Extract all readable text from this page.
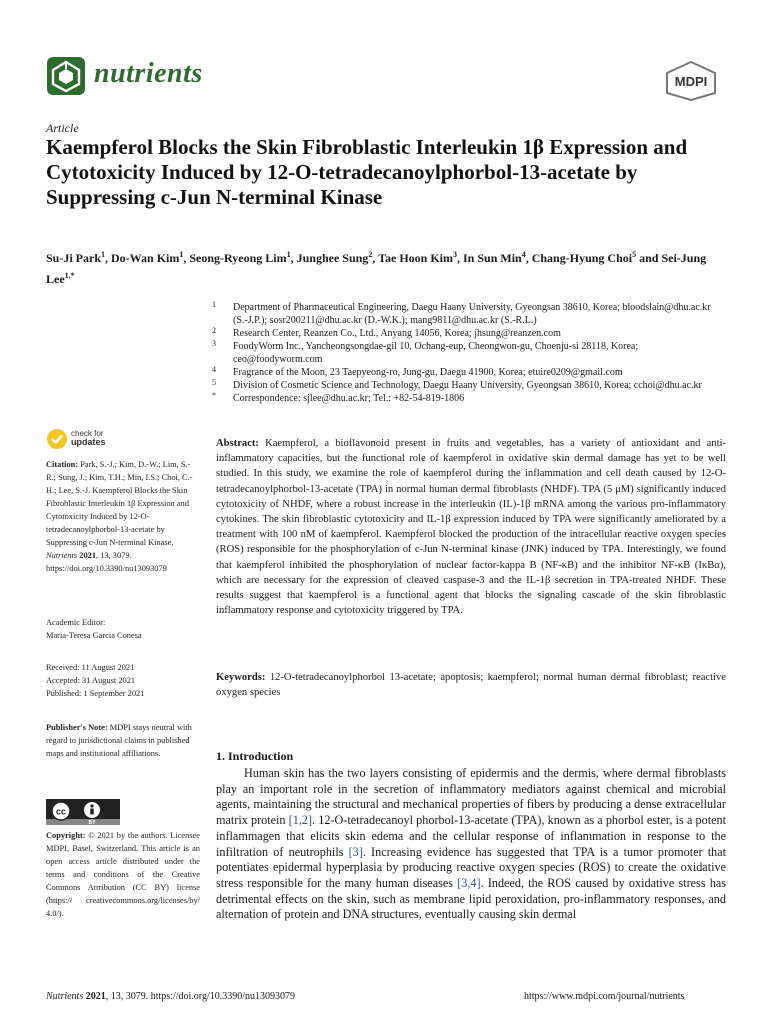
nutrients	MDPI
Article
Kaempferol Blocks the Skin Fibroblastic Interleukin 1β Expression and Cytotoxicity Induced by 12-O-tetradecanoylphorbol-13-acetate by Suppressing c-Jun N-terminal Kinase
Su-Ji Park$^1$, Do-Wan Kim$^1$, Seong-Ryeong Lim$^1$, Junghee Sung$^2$, Tae Hoon Kim$^3$, In Sun Min$^4$, Chang-Hyung Choi$^5$ and Sei-Jung Lee$^{1,*}$
1 Department of Pharmaceutical Engineering, Daegu Haany University, Gyeongsan 38610, Korea; bloodslain@dhu.ac.kr (S.-J.P.); sosr200211@dhu.ac.kr (D.-W.K.); mang9811@dhu.ac.kr (S.-R.L.)
2 Research Center, Reanzen Co., Ltd., Anyang 14056, Korea; jhsung@reanzen.com
3 FoodyWorm Inc., Yancheongsongdae-gil 10, Ochang-eup, Cheongwon-gu, Choenju-si 28118, Korea; ceo@foodyworm.com
4 Fragrance of the Moon, 23 Taepyeong-ro, Jung-gu, Daegu 41900, Korea; etuire0209@gmail.com
5 Division of Cosmetic Science and Technology, Daegu Haany University, Gyeongsan 38610, Korea; cchoi@dhu.ac.kr
* Correspondence: sjlee@dhu.ac.kr; Tel.: +82-54-819-1806
check for
updates

Citation: Park, S.-J.; Kim, D.-W.; Lim, S.-R.; Sung, J.; Kim, T.H.; Min, I.S.; Choi, C.-H.; Lee, S.-J. Kaempferol Blocks the Skin Fibroblastic Interleukin 1β Expression and Cytotoxicity Induced by 12-O-tetradecanoylphorbol-13-acetate by Suppressing c-Jun N-terminal Kinase. Nutrients 2021, 13, 3079. https://doi.org/10.3390/nu13093079

Academic Editor:

Maria-Teresa Garcia Conesa

Received: 11 August 2021

Accepted: 31 August 2021

Published: 1 September 2021

Publisher's Note: MDPI stays neutral with regard to jurisdictional claims in published maps and institutional affiliations.

cc
BY

Copyright: © 2021 by the authors. Licensee MDPI, Basel, Switzerland. This article is an open access article distributed under the terms and conditions of the Creative Commons Attribution (CC BY) license (https:// creativecommons.org/licenses/by/ 4.0/).

Abstract: Kaempferol, a bioflavonoid present in fruits and vegetables, has a variety of antioxidant and anti-inflammatory capacities, but the functional role of kaempferol in oxidative skin dermal damage has yet to be well studied. In this study, we examine the role of kaempferol during the inflammation and cell death caused by 12-O-tetradecanoylphorbol-13-acetate (TPA) in normal human dermal fibroblasts (NHDF). TPA (5 μM) significantly induced cytotoxicity of NHDF, where a robust increase in the interleukin (IL)-1β mRNA among the various pro-inflammatory cytokines. The skin fibroblastic cytotoxicity and IL-1β expression induced by TPA were significantly ameliorated by a treatment with 100 nM of kaempferol. Kaempferol blocked the production of the intracellular reactive oxygen species (ROS) responsible for the phosphorylation of c-Jun N-terminal kinase (JNK) induced by TPA. Interestingly, we found that kaempferol inhibited the phosphorylation of nuclear factor-kappa B (NF-κB) and the inhibitor NF-κB (IκBα), which are necessary for the expression of cleaved caspase-3 and the IL-1β secretion in TPA-treated NHDF. These results suggest that kaempferol is a functional agent that blocks the signaling cascade of the skin fibroblastic inflammatory response and cytotoxicity triggered by TPA.
Keywords: 12-O-tetradecanoylphorbol 13-acetate; apoptosis; kaempferol; normal human dermal fibroblast; reactive oxygen species
1. Introduction
Human skin has the two layers consisting of epidermis and the dermis, where dermal fibroblasts play an important role in the secretion of inflammatory mediators against chemical and microbial agents, maintaining the structural and mechanical properties of fibers by producing a dense extracellular matrix protein [1,2]. 12-O-tetradecanoyl phorbol-13-acetate (TPA), known as a phorbol ester, is a potent inflammagen that elicits skin edema and the cellular response of inflammation in response to the infiltration of neutrophils [3]. Increasing evidence has suggested that TPA is a tumor promoter that potentiates epidermal hyperplasia by producing reactive oxygen species (ROS) to create the oxidative stress responsible for the many human diseases [3,4]. Indeed, the ROS caused by oxidative stress has detrimental effects on the skin, such as membrane lipid peroxidation, pro-inflammatory responses, and alternation of protein and DNA structures, eventually causing skin dermal
Nutrients 2021, 13, 3079. https://doi.org/10.3390/nu13093079	https://www.mdpi.com/journal/nutrients
